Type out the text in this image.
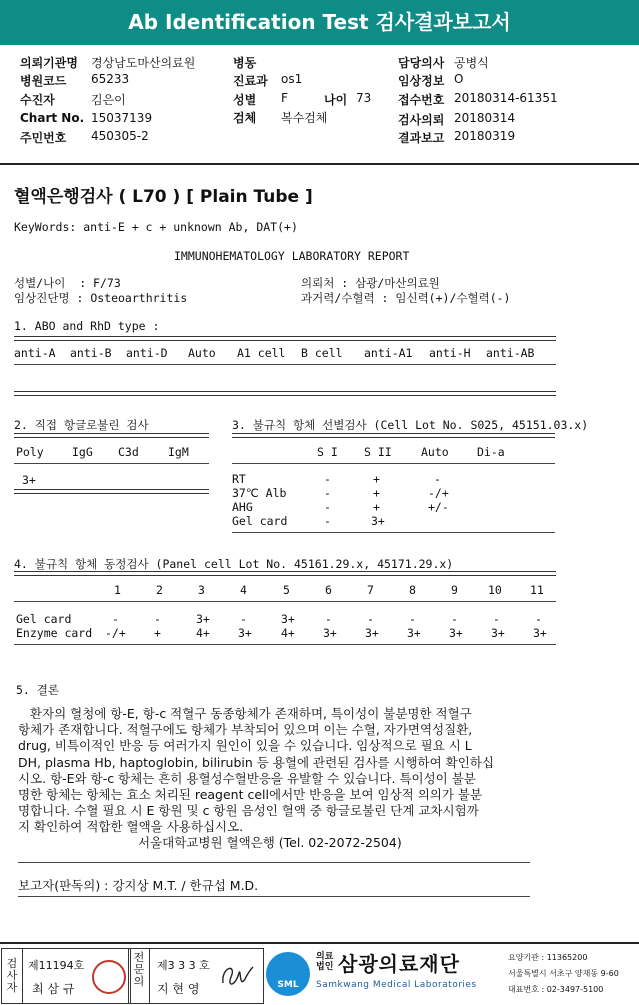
Ab Identification Test 검사결과보고서
의뢰기관명 경상남도마산의료원
병원코드 65233
수진자	김은이
Chart No. 15037139
주민번호 450305-2
병동
진료과 os1
성별 F	나이 73
검체 복수검체
담당의사 공병식
임상정보 O
접수번호 20180314-61351
검사의뢰 20180314
결과보고 20180319
혈액은행검사 ( L70 ) [ Plain Tube ]
KeyWords: anti-E + c + unknown Ab, DAT(+)
IMMUNOHEMATOLOGY LABORATORY REPORT
성별/나이  : F/73
임상진단명 : Osteoarthritis
의뢰처 : 삼광/마산의료원
과거력/수혈력 : 임신력(+)/수혈력(-)
1. ABO and RhD type :
anti-A anti-B anti-D Auto A1 cell B cell anti-A1 anti-H anti-AB
2. 직접 항글로불린 검사
Poly IgG C3d	IgM
3+
3. 불규칙 항체 선별검사 (Cell Lot No. S025, 45151.03.x)
S I S II	Auto Di-a
RT	-	+	-
37℃ Alb	-	+	-/+
AHG	-	+	+/-
Gel card	-	3+
4. 불규칙 항체 동정검사 (Panel cell Lot No. 45161.29.x, 45171.29.x)
1	2	3	4	5	6	7	8	9	10 11
Gel card	-	-	3+	-	3+	-	-	-	-	-	-
Enzyme card -/+ +	4+ 3+	4+ 3+ 3+ 3+ 3+ 3+ 3+
5. 결론
환자의 혈청에 항-E, 항-c 적혈구 동종항체가 존재하며, 특이성이 불분명한 적혈구
항체가 존재합니다. 적혈구에도 항체가 부착되어 있으며 이는 수혈, 자가면역성질환,
drug, 비특이적인 반응 등 여러가지 원인이 있을 수 있습니다. 임상적으로 필요 시 L
DH, plasma Hb, haptoglobin, bilirubin 등 용혈에 관련된 검사를 시행하여 확인하십
시오. 항-E와 항-c 항체는 흔히 용혈성수혈반응을 유발할 수 있습니다. 특이성이 불분
명한 항체는 항체는 효소 처리된 reagent cell에서만 반응을 보여 임상적 의의가 불분
명합니다. 수혈 필요 시 E 항원 및 c 항원 음성인 혈액 중 항글로불린 단계 교차시험까
지 확인하여 적합한 혈액을 사용하십시오.
서울대학교병원 혈액은행 (Tel. 02-2072-2504)
보고자(판독의) : 강지상 M.T. / 한규섭 M.D.
검사자
제11194호
최 삼 규
전문의
제3 3 3 호
지 현 영	SML
의료
법인 삼광의료재단
Samkwang Medical Laboratories
요양기관 : 11365200
서울특별시 서초구 양재동 9-60
대표번호 : 02-3497-5100
